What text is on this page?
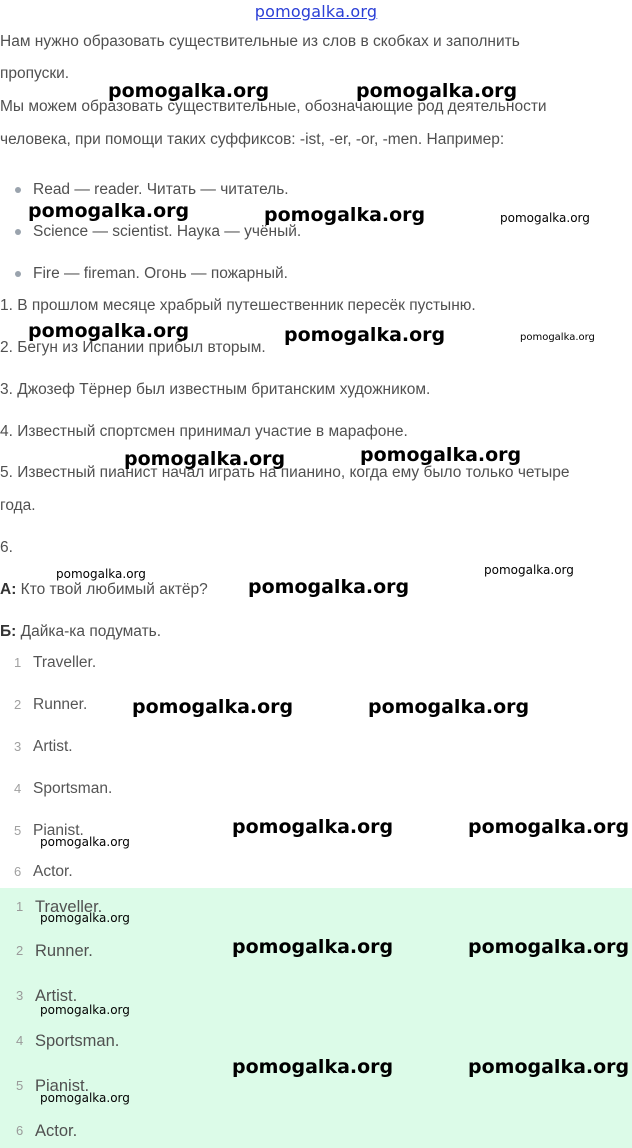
pomogalka.org
Нам нужно образовать существительные из слов в скобках и заполнить
пропуски.
Мы можем образовать существительные, обозначающие род деятельности
человека, при помощи таких суффиксов: -ist, -er, -or, -men. Например:
Read — reader. Читать — читатель.
Science — scientist. Наука — учёный.
Fire — fireman. Огонь — пожарный.
1. В прошлом месяце храбрый путешественник пересёк пустыню.
2. Бегун из Испании прибыл вторым.
3. Джозеф Тёрнер был известным британским художником.
4. Известный спортсмен принимал участие в марафоне.
5. Известный пианист начал играть на пианино, когда ему было только четыре
года.
6.
А: Кто твой любимый актёр?
Б: Дайка-ка подумать.
1 Traveller.
2 Runner.
3 Artist.
4 Sportsman.
5 Pianist.
6 Actor.
1 Traveller.
2 Runner.
3 Artist.
4 Sportsman.
5 Pianist.
6 Actor.
pomogalka.org	pomogalka.org
pomogalka.org	pomogalka.org	pomogalka.org
pomogalka.org	pomogalka.org	pomogalka.org
pomogalka.org	pomogalka.org
pomogalka.org
pomogalka.org
pomogalka.org
pomogalka.org	pomogalka.org
pomogalka.org	pomogalka.org
pomogalka.org
pomogalka.org
pomogalka.org	pomogalka.org
pomogalka.org
pomogalka.org	pomogalka.org
pomogalka.org
